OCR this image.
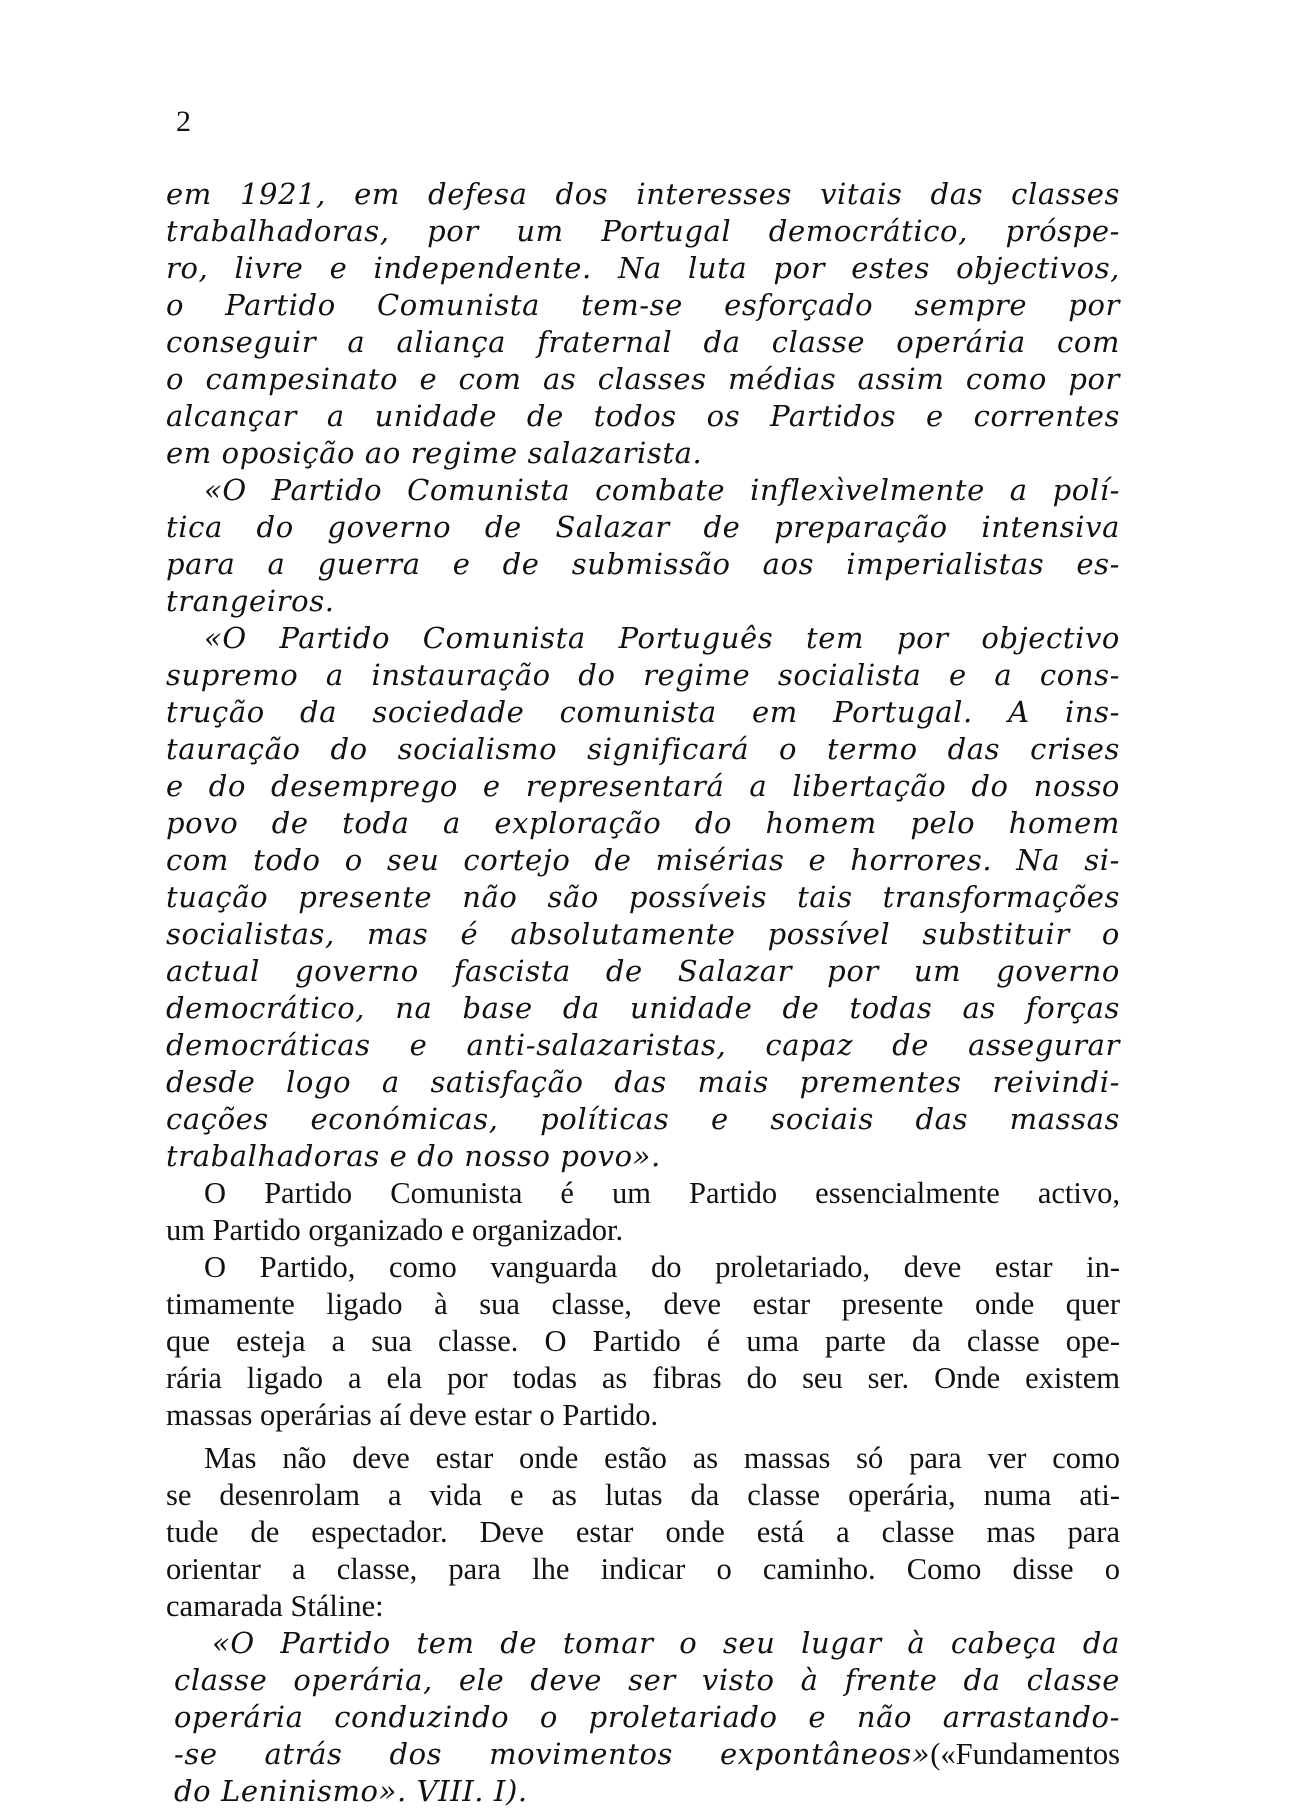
2
em 1921, em defesa dos interesses vitais das classes
trabalhadoras, por um Portugal democrático, próspe-
ro, livre e independente. Na luta por estes objectivos,
o Partido Comunista tem-se esforçado sempre por
conseguir a aliança fraternal da classe operária com
o campesinato e com as classes médias assim como por
alcançar a unidade de todos os Partidos e correntes
em oposição ao regime salazarista.
«O Partido Comunista combate inflexìvelmente a polí-
tica do governo de Salazar de preparação intensiva
para a guerra e de submissão aos imperialistas es-
trangeiros.
«O Partido Comunista Português tem por objectivo
supremo a instauração do regime socialista e a cons-
trução da sociedade comunista em Portugal. A ins-
tauração do socialismo significará o termo das crises
e do desemprego e representará a libertação do nosso
povo de toda a exploração do homem pelo homem
com todo o seu cortejo de misérias e horrores. Na si-
tuação presente não são possíveis tais transformações
socialistas, mas é absolutamente possível substituir o
actual governo fascista de Salazar por um governo
democrático, na base da unidade de todas as forças
democráticas e anti-salazaristas, capaz de assegurar
desde logo a satisfação das mais prementes reivindi-
cações económicas, políticas e sociais das massas
trabalhadoras e do nosso povo».
O Partido Comunista é um Partido essencialmente activo,
um Partido organizado e organizador.
O Partido, como vanguarda do proletariado, deve estar in-
timamente ligado à sua classe, deve estar presente onde quer
que esteja a sua classe. O Partido é uma parte da classe ope-
rária ligado a ela por todas as fibras do seu ser. Onde existem
massas operárias aí deve estar o Partido.
Mas não deve estar onde estão as massas só para ver como
se desenrolam a vida e as lutas da classe operária, numa ati-
tude de espectador. Deve estar onde está a classe mas para
orientar a classe, para lhe indicar o caminho. Como disse o
camarada Stáline:
«O Partido tem de tomar o seu lugar à cabeça da
classe operária, ele deve ser visto à frente da classe
operária conduzindo o proletariado e não arrastando-
-se atrás dos movimentos expontâneos»(«Fundamentos
do Leninismo». VIII. I).
